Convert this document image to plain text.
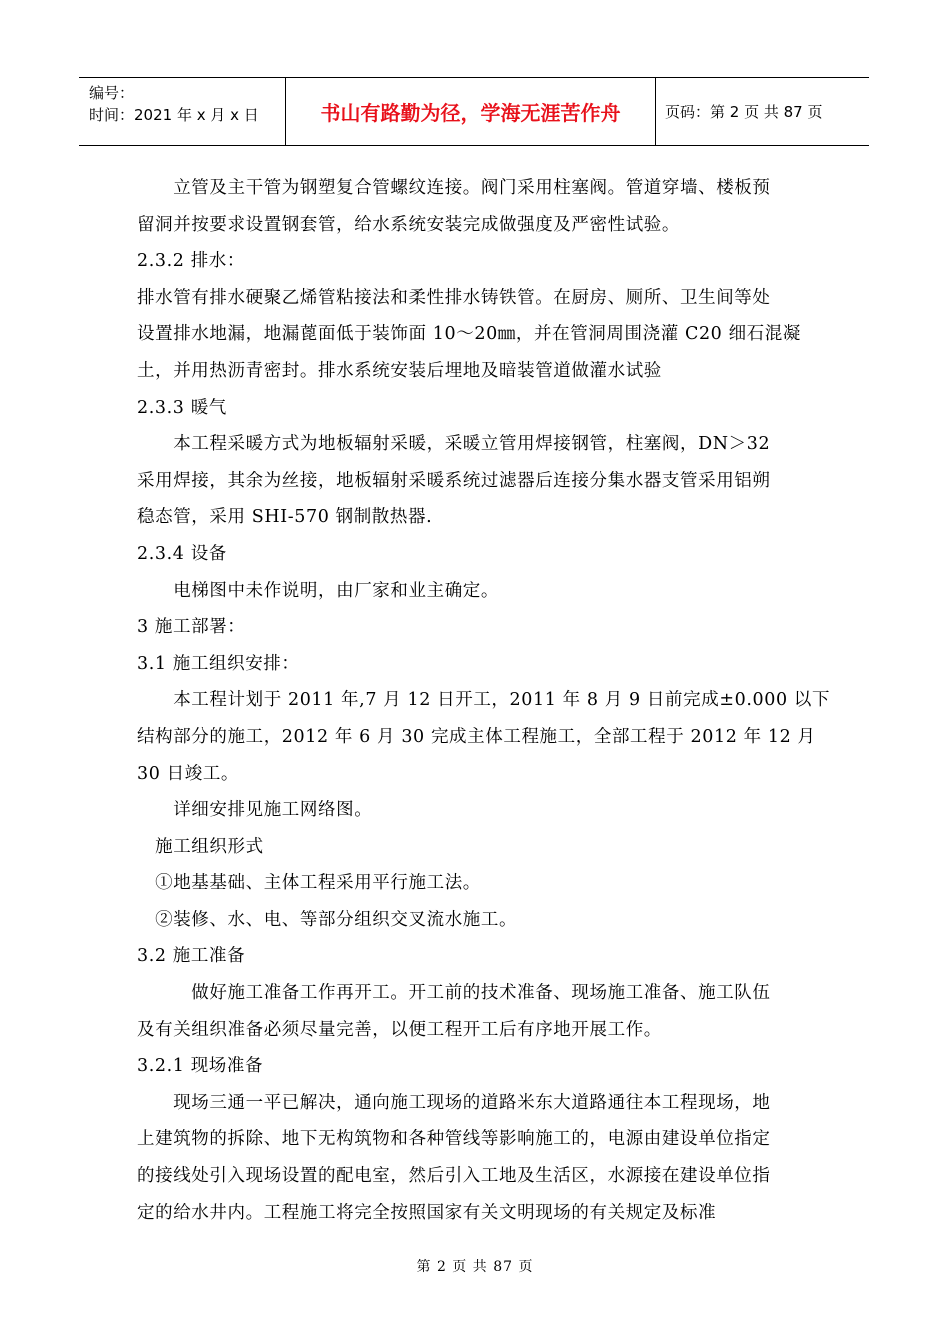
编号：
时间：2021 年 x 月 x 日	书山有路勤为径，学海无涯苦作舟	页码：第 2 页 共 87 页

　　立管及主干管为钢塑复合管螺纹连接。阀门采用柱塞阀。管道穿墙、楼板预

留洞并按要求设置钢套管，给水系统安装完成做强度及严密性试验。

2.3.2 排水：

排水管有排水硬聚乙烯管粘接法和柔性排水铸铁管。在厨房、厕所、卫生间等处

设置排水地漏，地漏蓖面低于装饰面 10～20㎜，并在管洞周围浇灌 C20 细石混凝

土，并用热沥青密封。排水系统安装后埋地及暗装管道做灌水试验

2.3.3 暖气

　　本工程采暖方式为地板辐射采暖，采暖立管用焊接钢管，柱塞阀，DN＞32

采用焊接，其余为丝接，地板辐射采暖系统过滤器后连接分集水器支管采用铝朔

稳态管，采用 SHI-570 钢制散热器.

2.3.4 设备

　　电梯图中未作说明，由厂家和业主确定。

3 施工部署：

3.1 施工组织安排：

　　本工程计划于 2011 年,7 月 12 日开工，2011 年 8 月 9 日前完成±0.000 以下

结构部分的施工，2012 年 6 月 30 完成主体工程施工，全部工程于 2012 年 12 月

30 日竣工。

　　详细安排见施工网络图。

　施工组织形式

　①地基基础、主体工程采用平行施工法。

　②装修、水、电、等部分组织交叉流水施工。

3.2 施工准备

　　　做好施工准备工作再开工。开工前的技术准备、现场施工准备、施工队伍

及有关组织准备必须尽量完善，以便工程开工后有序地开展工作。

3.2.1 现场准备

　　现场三通一平已解决，通向施工现场的道路米东大道路通往本工程现场，地

上建筑物的拆除、地下无构筑物和各种管线等影响施工的，电源由建设单位指定

的接线处引入现场设置的配电室，然后引入工地及生活区，水源接在建设单位指

定的给水井内。工程施工将完全按照国家有关文明现场的有关规定及标准

第 2 页 共 87 页
